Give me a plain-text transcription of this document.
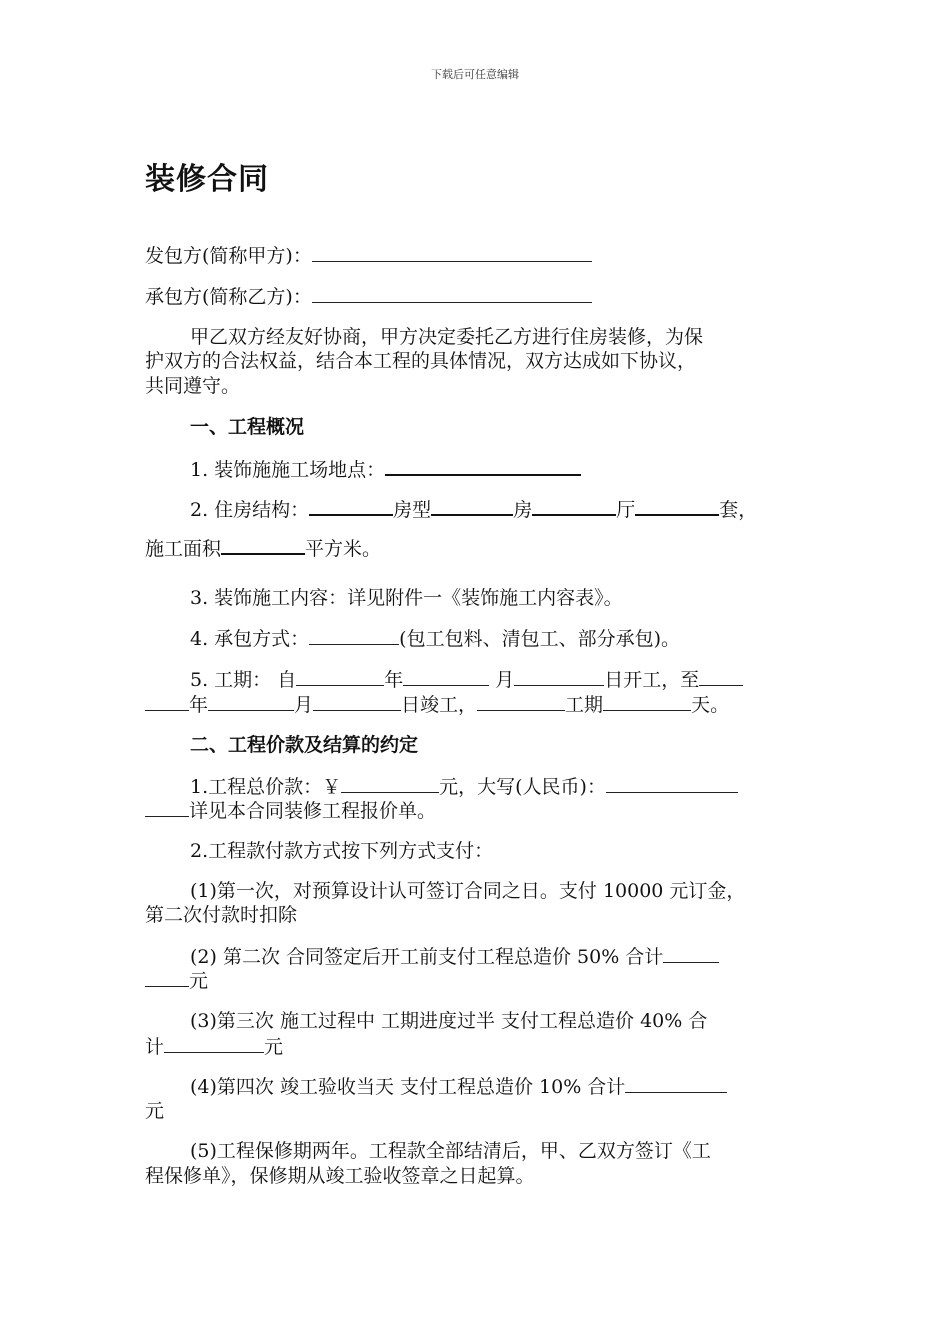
下载后可任意编辑
装修合同
发包方(简称甲方)：
承包方(简称乙方)：
甲乙双方经友好协商，甲方决定委托乙方进行住房装修，为保
护双方的合法权益，结合本工程的具体情况，双方达成如下协议，
共同遵守。
一、工程概况
1. 装饰施施工场地点：
2. 住房结构：	房型	房	厅	套，
施工面积	平方米。
3. 装饰施工内容：详见附件一《装饰施工内容表》。
4. 承包方式：	(包工包料、清包工、部分承包)。
5. 工期： 自	年	月	日开工，至
年	月	日竣工，	工期	天。
二、工程价款及结算的约定
1.工程总价款：￥	元，大写(人民币)：
详见本合同装修工程报价单。
2.工程款付款方式按下列方式支付：
(1)第一次，对预算设计认可签订合同之日。支付 10000 元订金，
第二次付款时扣除
(2) 第二次 合同签定后开工前支付工程总造价 50% 合计
元
(3)第三次 施工过程中 工期进度过半 支付工程总造价 40% 合
计	元
(4)第四次 竣工验收当天 支付工程总造价 10% 合计
元
(5)工程保修期两年。工程款全部结清后，甲、乙双方签订《工
程保修单》，保修期从竣工验收签章之日起算。
